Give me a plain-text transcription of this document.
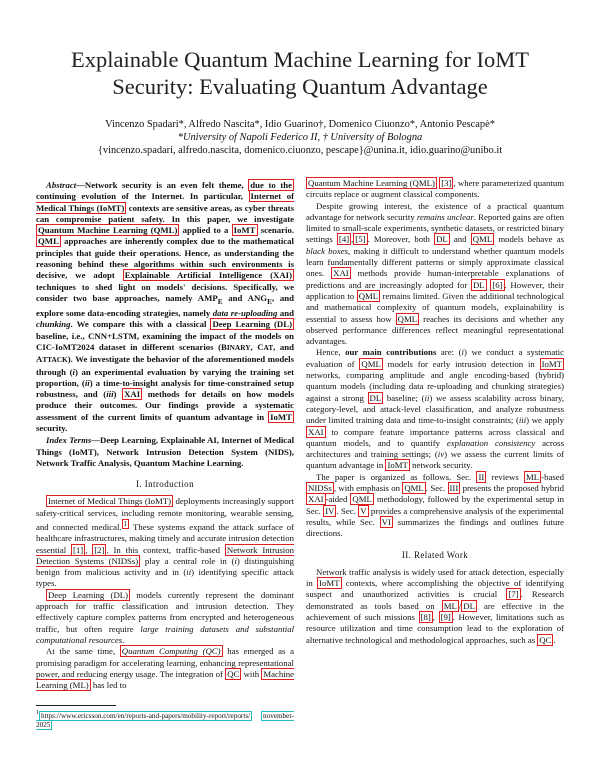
Explainable Quantum Machine Learning for IoMT
Security: Evaluating Quantum Advantage
Vincenzo Spadari*, Alfredo Nascita*, Idio Guarino†, Domenico Ciuonzo*, Antonio Pescapè*
*University of Napoli Federico II, † University of Bologna
{vincenzo.spadari, alfredo.nascita, domenico.ciuonzo, pescape}@unina.it, idio.guarino@unibo.it

Abstract—Network security is an even felt theme, due to the continuing evolution of the Internet. In particular, Internet of Medical Things (IoMT) contexts are sensitive areas, as cyber threats can compromise patient safety. In this paper, we investigate Quantum Machine Learning (QML) applied to a IoMT scenario. QML approaches are inherently complex due to the mathematical principles that guide their operations. Hence, as understanding the reasoning behind these algorithms within such environments is decisive, we adopt Explainable Artificial Intelligence (XAI) techniques to shed light on models' decisions. Specifically, we consider two base approaches, namely $AMP_E$ and $ANG_E$, and explore some data-encoding strategies, namely data re-uploading and chunking. We compare this with a classical Deep Learning (DL) baseline, i.e., CNN+LSTM, examining the impact of the models on CIC-IoMT2024 dataset in different scenarios (BINARY, CAT, and ATTACK). We investigate the behavior of the aforementioned models through (i) an experimental evaluation by varying the training set proportion, (ii) a time-to-insight analysis for time-constrained setup robustness, and (iii) XAI methods for details on how models produce their outcomes. Our findings provide a systematic assessment of the current limits of quantum advantage in IoMT security.

Index Terms—Deep Learning, Explainable AI, Internet of Medical Things (IoMT), Network Intrusion Detection System (NIDS), Network Traffic Analysis, Quantum Machine Learning.

I. Introduction

Internet of Medical Things (IoMT) deployments increasingly support safety-critical services, including remote monitoring, wearable sensing, and connected medical. $^1$ These systems expand the attack surface of healthcare infrastructures, making timely and accurate intrusion detection essential [1] , [2] . In this context, traffic-based Network Intrusion Detection Systems (NIDSs) play a central role in (i) distinguishing benign from malicious activity and in (ii) identifying specific attack types.

Deep Learning (DL) models currently represent the dominant approach for traffic classification and intrusion detection. They effectively capture complex patterns from encrypted and heterogeneous traffic, but often require large training datasets and substantial computational resources.

At the same time, Quantum Computing (QC) has emerged as a promising paradigm for accelerating learning, enhancing representational power, and reducing energy usage. The integration of QC with Machine Learning (ML) has led to

$^1$ https://www.ericsson.com/en/reports-and-papers/mobility-report/reports/ november-2025

Quantum Machine Learning (QML) [3] , where parameterized quantum circuits replace or augment classical components.

Despite growing interest, the existence of a practical quantum advantage for network security remains unclear. Reported gains are often limited to small-scale experiments, synthetic datasets, or restricted binary settings [4] , [5] . Moreover, both DL and QML models behave as black boxes, making it difficult to understand whether quantum models learn fundamentally different patterns or simply approximate classical ones. XAI methods provide human-interpretable explanations of predictions and are increasingly adopted for DL [6] . However, their application to QML remains limited. Given the additional technological and mathematical complexity of quantum models, explainability is essential to assess how QML reaches its decisions and whether any observed performance differences reflect meaningful representational advantages.

Hence, our main contributions are: (i) we conduct a systematic evaluation of QML models for early intrusion detection in IoMT networks, comparing amplitude and angle encoding-based (hybrid) quantum models (including data re-uploading and chunking strategies) against a strong DL baseline; (ii) we assess scalability across binary, category-level, and attack-level classification, and analyze robustness under limited training data and time-to-insight constraints; (iii) we apply XAI to compare feature importance patterns across classical and quantum models, and to quantify explanation consistency across architectures and training settings; (iv) we assess the current limits of quantum advantage in IoMT network security.

The paper is organized as follows. Sec. II reviews ML -based NIDSs , with emphasis on QML . Sec. III presents the proposed hybrid XAI -aided QML methodology, followed by the experimental setup in Sec. IV . Sec. V provides a comprehensive analysis of the experimental results, while Sec. VI summarizes the findings and outlines future directions.

II. Related Work

Network traffic analysis is widely used for attack detection, especially in IoMT contexts, where accomplishing the objective of identifying suspect and unauthorized activities is crucial [7] . Research demonstrated as tools based on ML / DL are effective in the achievement of such missions [8] , [9] . However, limitations such as resource utilization and time consumption lead to the exploration of alternative technological and methodological approaches, such as QC .
